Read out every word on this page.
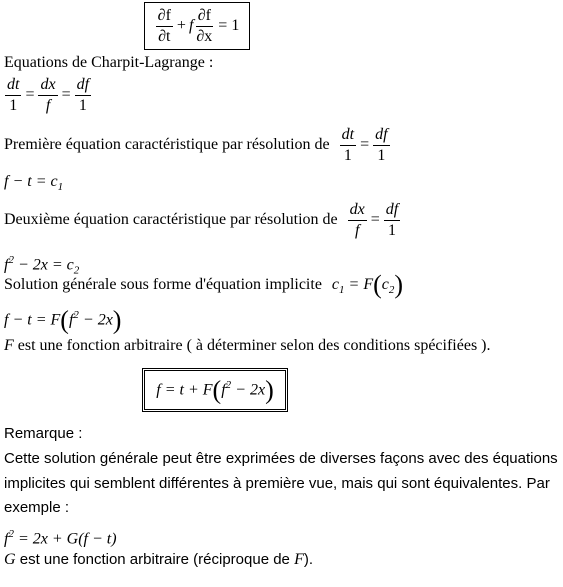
$\frac{\partial f}{\partial t} + f \frac{\partial f}{\partial x} = 1$
Equations de Charpit-Lagrange :
$\frac{dt}{1} = \frac{dx}{f} = \frac{df}{1}$
Première équation caractéristique par résolution de $\frac{dt}{1} = \frac{df}{1}$
$f - t = c_1$
Deuxième équation caractéristique par résolution de $\frac{dx}{f} = \frac{df}{1}$
$f^2 - 2x = c_2$
Solution générale sous forme d'équation implicite $c_1 = F(c_2)$
$f - t = F(f^2 - 2x)$
F est une fonction arbitraire ( à déterminer selon des conditions spécifiées ).
$f = t + F(f^2 - 2x)$
Remarque :
Cette solution générale peut être exprimées de diverses façons avec des équations
implicites qui semblent différentes à première vue, mais qui sont équivalentes. Par
exemple :
$f^2 = 2x + G(f - t)$
G est une fonction arbitraire (réciproque de F).
